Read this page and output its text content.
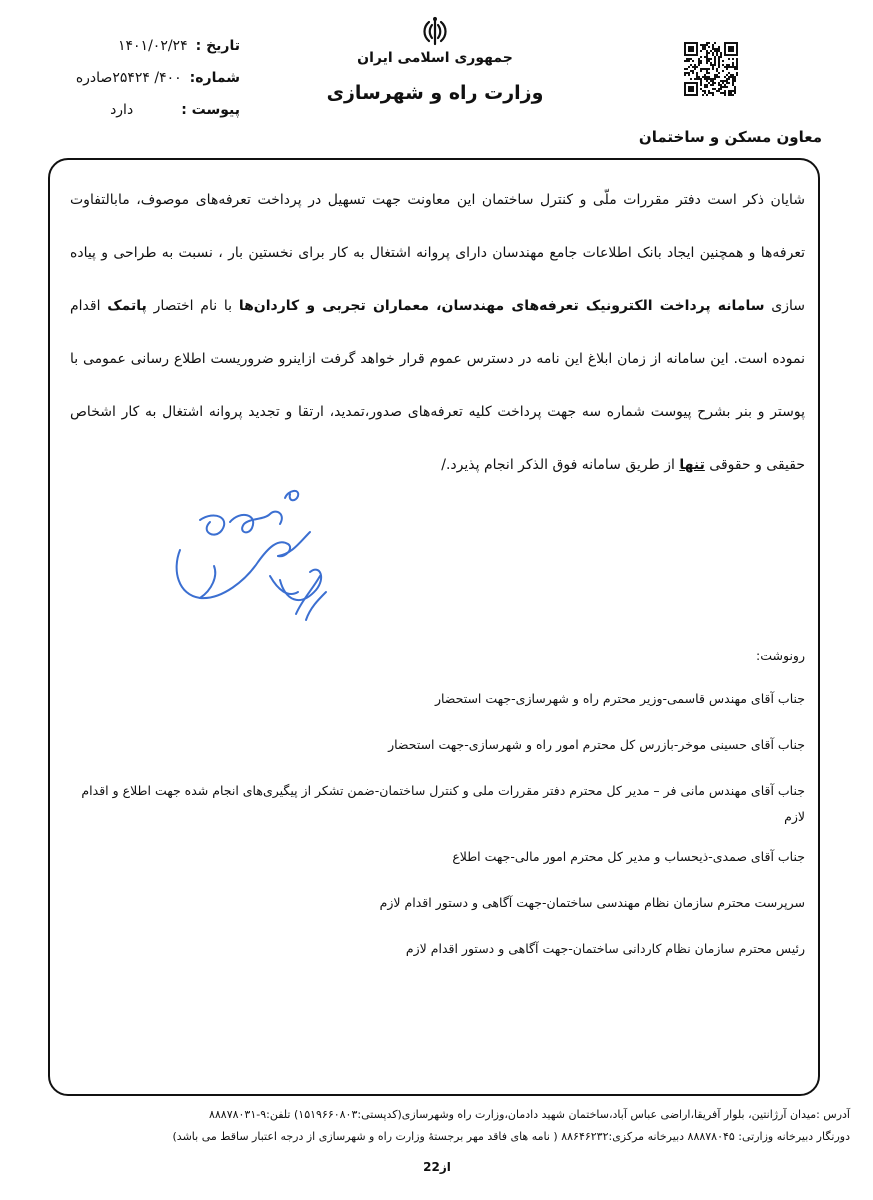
تاریخ :
۱۴۰۱/۰۲/۲۴
شماره:
۴۰۰/ ۲۵۴۲۴صادره
پیوست :
دارد
جمهوری اسلامی ایران
وزارت راه و شهرسازی
معاون مسکن و ساختمان
شایان ذکر است دفتر مقررات ملّی و کنترل ساختمان این معاونت جهت تسهیل در پرداخت تعرفه‌های موصوف، مابالتفاوت تعرفه‌ها و همچنین ایجاد بانک اطلاعات جامع مهندسان دارای پروانه اشتغال به کار برای نخستین بار ، نسبت به طراحی و پیاده سازی سامانه پرداخت الکترونیک تعرفه‌های مهندسان، معماران تجربی و کاردان‌ها با نام اختصار پاتمک اقدام نموده است. این سامانه از زمان ابلاغ این نامه در دسترس عموم قرار خواهد گرفت ازاینرو ضروریست اطلاع رسانی عمومی با پوستر و بنر بشرح پیوست شماره سه جهت پرداخت کلیه تعرفه‌های صدور،تمدید، ارتقا و تجدید پروانه اشتغال به کار اشخاص حقیقی و حقوقی تنها از طریق سامانه فوق الذکر انجام پذیرد./
رونوشت:
جناب آقای مهندس قاسمی-وزیر محترم راه و شهرسازی-جهت استحضار
جناب آقای حسینی موخر-بازرس کل محترم امور راه و شهرسازی-جهت استحضار
جناب آقای مهندس مانی فر – مدیر کل محترم دفتر مقررات ملی و کنترل ساختمان-ضمن تشکر از پیگیری‌های انجام شده جهت اطلاع و اقدام لازم
جناب آقای صمدی-ذیحساب و مدیر کل محترم امور مالی-جهت اطلاع
سرپرست محترم سازمان نظام مهندسی ساختمان-جهت آگاهی و دستور اقدام لازم
رئیس محترم سازمان نظام کاردانی ساختمان-جهت آگاهی و دستور اقدام لازم
آدرس :میدان آرژانتین، بلوار آفریقا،اراضی عباس آباد،ساختمان شهید دادمان،وزارت راه وشهرسازی(کدپستی:۱۵۱۹۶۶۰۸۰۳) تلفن:۹-۸۸۸۷۸۰۳۱
دورنگار دبیرخانه وزارتی: ۸۸۸۷۸۰۴۵ دبیرخانه مرکزی:۸۸۶۴۶۲۳۲ ( نامه های فاقد مهر برجستهٔ وزارت راه و شهرسازی از درجه اعتبار ساقط می باشد)
2از2
